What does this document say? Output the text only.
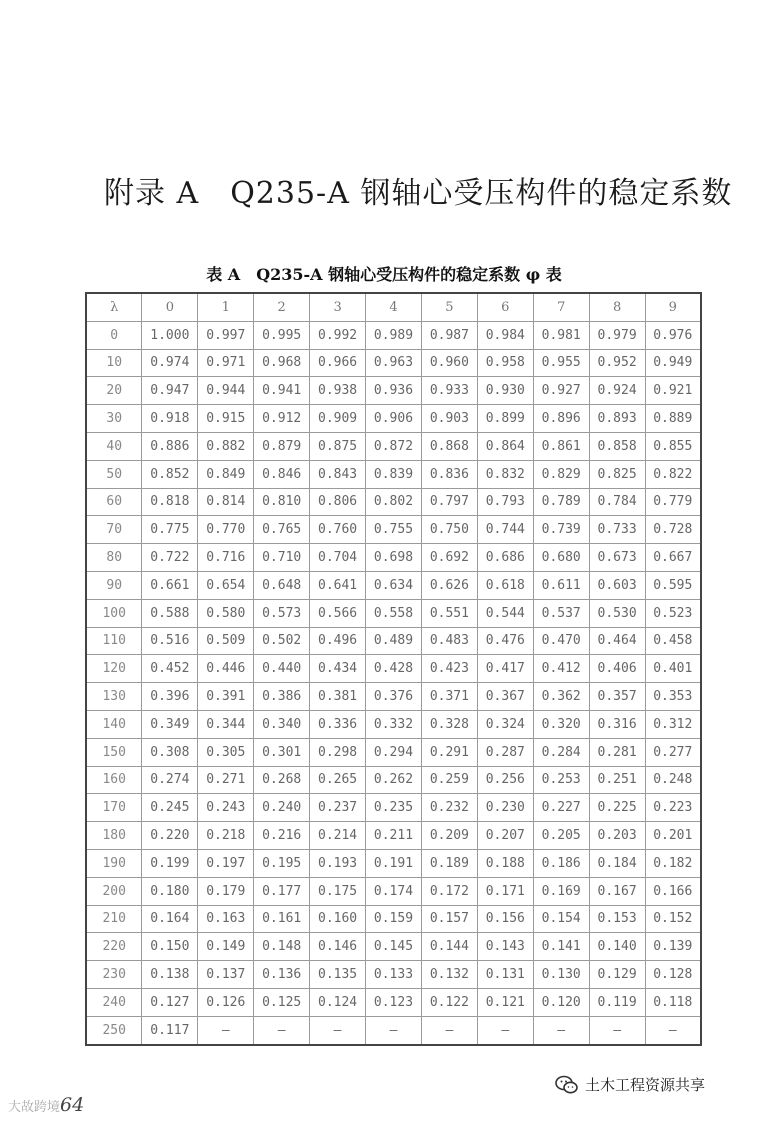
附录 A　Q235-A 钢轴心受压构件的稳定系数
表 A　Q235-A 钢轴心受压构件的稳定系数 φ 表
λ	0	1	2	3	4	5	6	7	8	9
0	1.000	0.997	0.995	0.992	0.989	0.987	0.984	0.981	0.979	0.976
10	0.974	0.971	0.968	0.966	0.963	0.960	0.958	0.955	0.952	0.949
20	0.947	0.944	0.941	0.938	0.936	0.933	0.930	0.927	0.924	0.921
30	0.918	0.915	0.912	0.909	0.906	0.903	0.899	0.896	0.893	0.889
40	0.886	0.882	0.879	0.875	0.872	0.868	0.864	0.861	0.858	0.855
50	0.852	0.849	0.846	0.843	0.839	0.836	0.832	0.829	0.825	0.822
60	0.818	0.814	0.810	0.806	0.802	0.797	0.793	0.789	0.784	0.779
70	0.775	0.770	0.765	0.760	0.755	0.750	0.744	0.739	0.733	0.728
80	0.722	0.716	0.710	0.704	0.698	0.692	0.686	0.680	0.673	0.667
90	0.661	0.654	0.648	0.641	0.634	0.626	0.618	0.611	0.603	0.595
100	0.588	0.580	0.573	0.566	0.558	0.551	0.544	0.537	0.530	0.523
110	0.516	0.509	0.502	0.496	0.489	0.483	0.476	0.470	0.464	0.458
120	0.452	0.446	0.440	0.434	0.428	0.423	0.417	0.412	0.406	0.401
130	0.396	0.391	0.386	0.381	0.376	0.371	0.367	0.362	0.357	0.353
140	0.349	0.344	0.340	0.336	0.332	0.328	0.324	0.320	0.316	0.312
150	0.308	0.305	0.301	0.298	0.294	0.291	0.287	0.284	0.281	0.277
160	0.274	0.271	0.268	0.265	0.262	0.259	0.256	0.253	0.251	0.248
170	0.245	0.243	0.240	0.237	0.235	0.232	0.230	0.227	0.225	0.223
180	0.220	0.218	0.216	0.214	0.211	0.209	0.207	0.205	0.203	0.201
190	0.199	0.197	0.195	0.193	0.191	0.189	0.188	0.186	0.184	0.182
200	0.180	0.179	0.177	0.175	0.174	0.172	0.171	0.169	0.167	0.166
210	0.164	0.163	0.161	0.160	0.159	0.157	0.156	0.154	0.153	0.152
220	0.150	0.149	0.148	0.146	0.145	0.144	0.143	0.141	0.140	0.139
230	0.138	0.137	0.136	0.135	0.133	0.132	0.131	0.130	0.129	0.128
240	0.127	0.126	0.125	0.124	0.123	0.122	0.121	0.120	0.119	0.118
250	0.117	—	—	—	—	—	—	—	—	—
大故跨境64
土木工程资源共享
